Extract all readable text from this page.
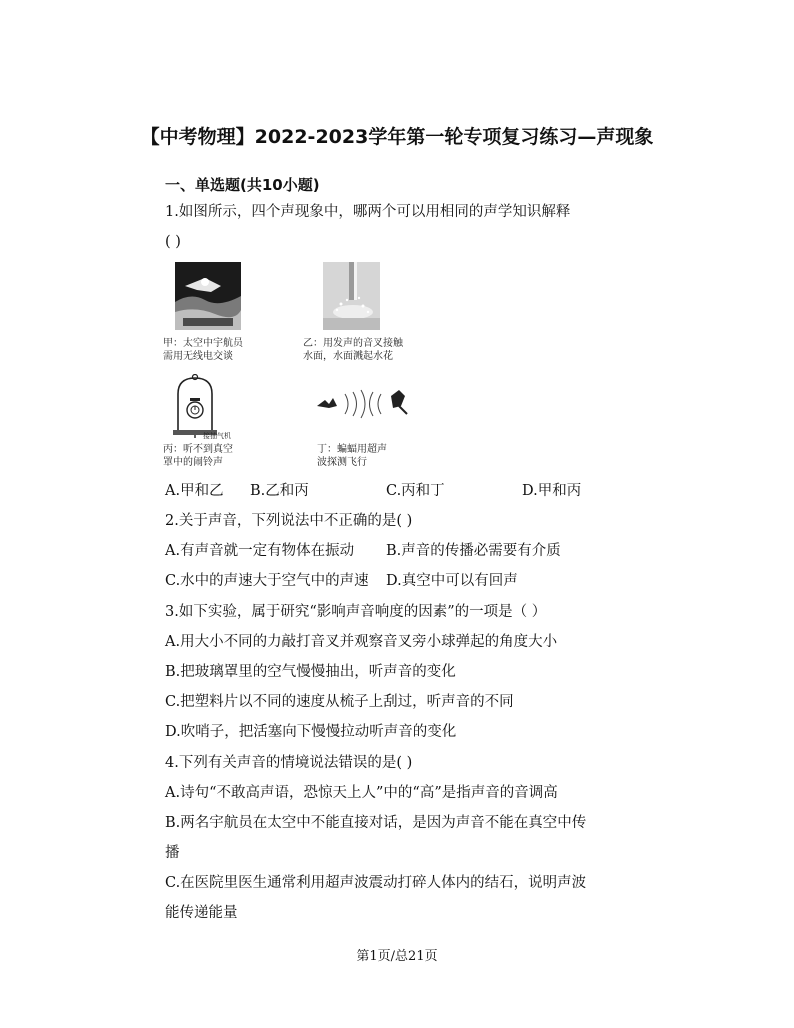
【中考物理】2022-2023学年第一轮专项复习练习—声现象
一、单选题(共10小题)
1.如图所示，四个声现象中，哪两个可以用相同的声学知识解释
( )
甲：太空中宇航员
需用无线电交谈
乙：用发声的音叉接触
水面，水面溅起水花
接抽气机
丙：听不到真空
罩中的闹铃声
丁：蝙蝠用超声
波探测飞行
A.甲和乙 B.乙和丙	C.丙和丁	D.甲和丙
2.关于声音，下列说法中不正确的是( )
A.有声音就一定有物体在振动 B.声音的传播必需要有介质
C.水中的声速大于空气中的声速 D.真空中可以有回声
3.如下实验，属于研究“影响声音响度的因素”的一项是（ ）
A.用大小不同的力敲打音叉并观察音叉旁小球弹起的角度大小
B.把玻璃罩里的空气慢慢抽出，听声音的变化
C.把塑料片以不同的速度从梳子上刮过，听声音的不同
D.吹哨子，把活塞向下慢慢拉动听声音的变化
4.下列有关声音的情境说法错误的是( )
A.诗句“不敢高声语，恐惊天上人”中的“高”是指声音的音调高
B.两名宇航员在太空中不能直接对话，是因为声音不能在真空中传
播
C.在医院里医生通常利用超声波震动打碎人体内的结石，说明声波
能传递能量
第1页/总21页
